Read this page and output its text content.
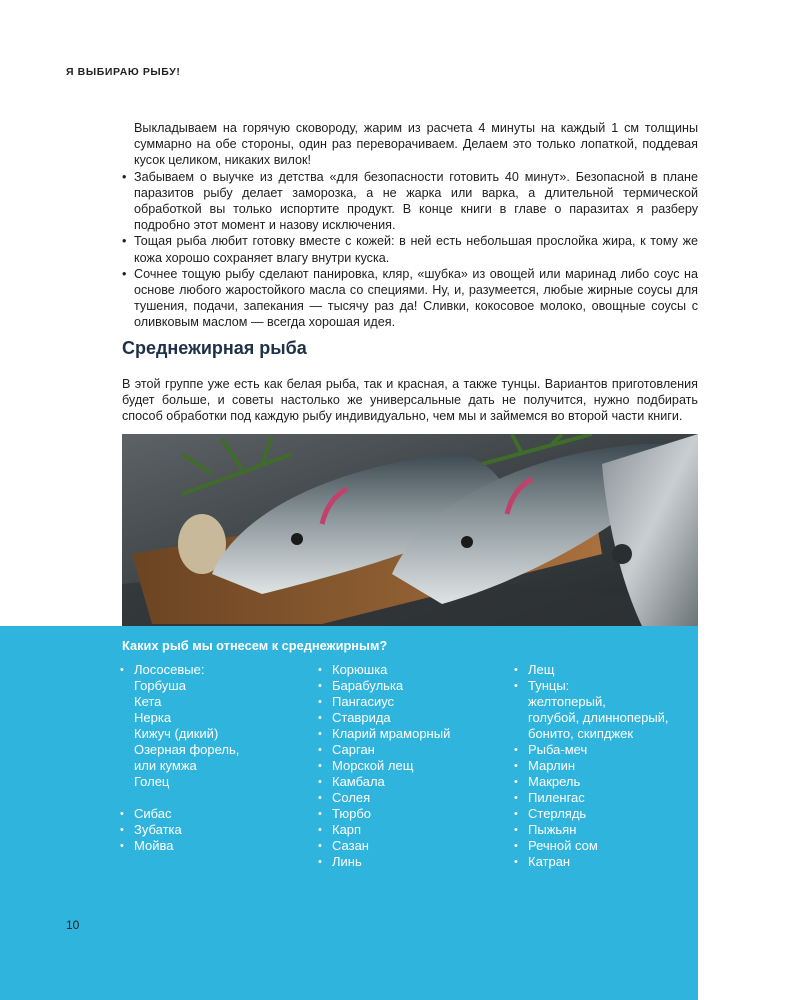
Я ВЫБИРАЮ РЫБУ!

Выкладываем на горячую сковороду, жарим из расчета 4 минуты на каждый 1 см толщины суммарно на обе стороны, один раз переворачиваем. Делаем это только лопаткой, поддевая кусок целиком, никаких вилок!

• Забываем о выучке из детства «для безопасности готовить 40 минут». Безопасной в плане паразитов рыбу делает заморозка, а не жарка или варка, а длительной термической обработкой вы только испортите продукт. В конце книги в главе о паразитах я разберу подробно этот момент и назову исключения.
• Тощая рыба любит готовку вместе с кожей: в ней есть небольшая прослойка жира, к тому же кожа хорошо сохраняет влагу внутри куска.
• Сочнее тощую рыбу сделают панировка, кляр, «шубка» из овощей или маринад либо соус на основе любого жаростойкого масла со специями. Ну, и, разумеется, любые жирные соусы для тушения, подачи, запекания — тысячу раз да! Сливки, кокосовое молоко, овощные соусы с оливковым маслом — всегда хорошая идея.
Среднежирная рыба

В этой группе уже есть как белая рыба, так и красная, а также тунцы. Вариантов приготовления будет больше, и советы настолько же универсальные дать не получится, нужно подбирать способ обработки под каждую рыбу индивидуально, чем мы и займемся во второй части книги.

Каких рыб мы отнесем к среднежирным?
• Лососевые:
Горбуша
Кета
Нерка
Кижуч (дикий)
Озерная форель,
или кумжа
Голец
• Сибас
• Зубатка
• Мойва
• Корюшка
• Барабулька
• Пангасиус
• Ставрида
• Кларий мраморный
• Сарган
• Морской лещ
• Камбала
• Солея
• Тюрбо
• Карп
• Сазан
• Линь
• Лещ
• Тунцы:
желтоперый,
голубой, длинноперый,
бонито, скипджек
• Рыба-меч
• Марлин
• Макрель
• Пиленгас
• Стерлядь
• Пыжьян
• Речной сом
• Катран
10
